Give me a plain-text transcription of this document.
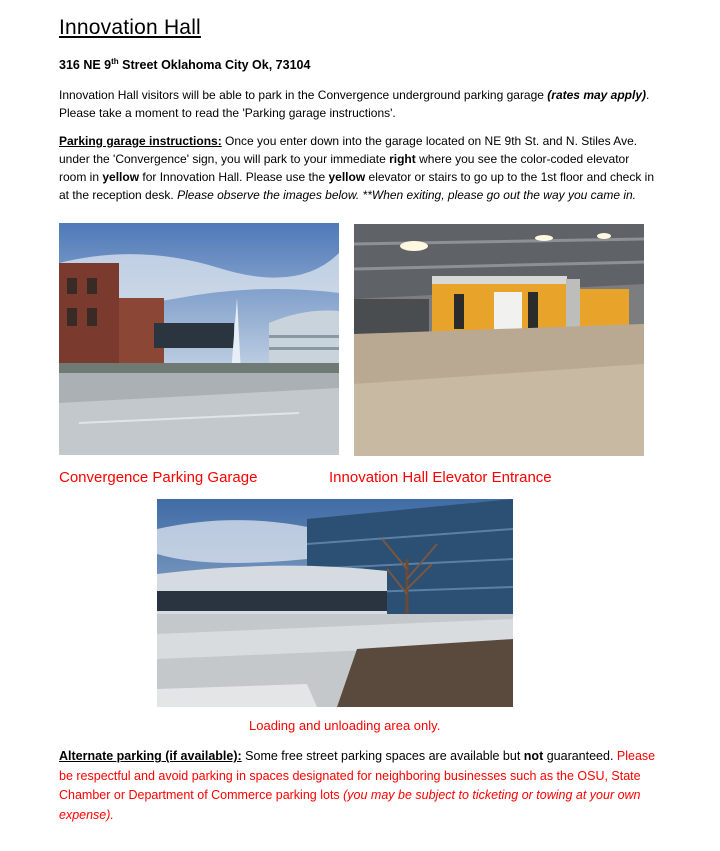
Innovation Hall
316 NE 9th Street Oklahoma City Ok, 73104
Innovation Hall visitors will be able to park in the Convergence underground parking garage (rates may apply). Please take a moment to read the 'Parking garage instructions'.
Parking garage instructions: Once you enter down into the garage located on NE 9th St. and N. Stiles Ave. under the 'Convergence' sign, you will park to your immediate right where you see the color-coded elevator room in yellow for Innovation Hall. Please use the yellow elevator or stairs to go up to the 1st floor and check in at the reception desk. Please observe the images below. **When exiting, please go out the way you came in.
Convergence Parking Garage	Innovation Hall Elevator Entrance
Loading and unloading area only.
Alternate parking (if available): Some free street parking spaces are available but not guaranteed. Please be respectful and avoid parking in spaces designated for neighboring businesses such as the OSU, State Chamber or Department of Commerce parking lots (you may be subject to ticketing or towing at your own expense).
